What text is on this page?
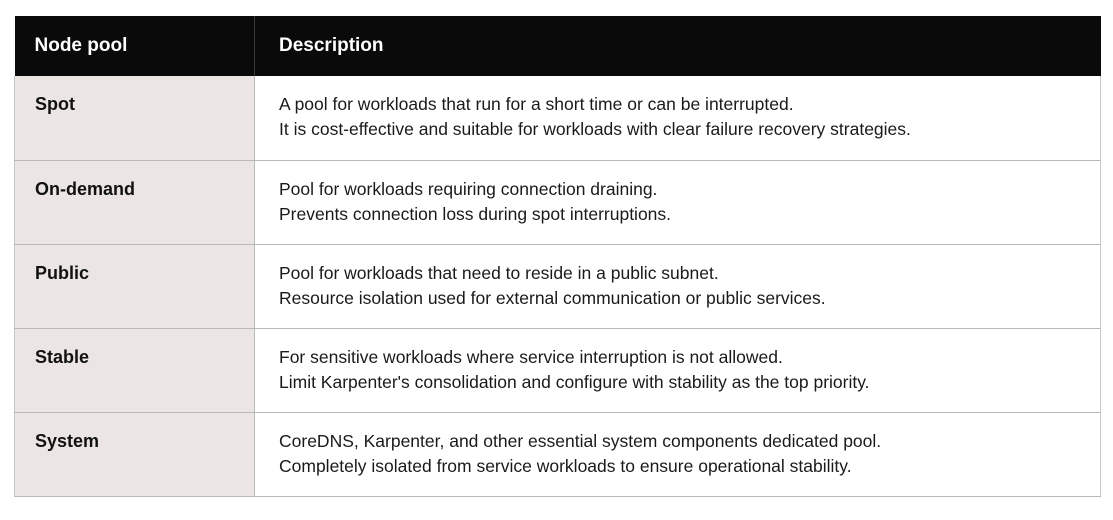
Node pool	Description
Spot	A pool for workloads that run for a short time or can be interrupted.
It is cost-effective and suitable for workloads with clear failure recovery strategies.

On-demand	Pool for workloads requiring connection draining.
Prevents connection loss during spot interruptions.

Public	Pool for workloads that need to reside in a public subnet.
Resource isolation used for external communication or public services.

Stable	For sensitive workloads where service interruption is not allowed.
Limit Karpenter's consolidation and configure with stability as the top priority.

System	CoreDNS, Karpenter, and other essential system components dedicated pool.
Completely isolated from service workloads to ensure operational stability.
